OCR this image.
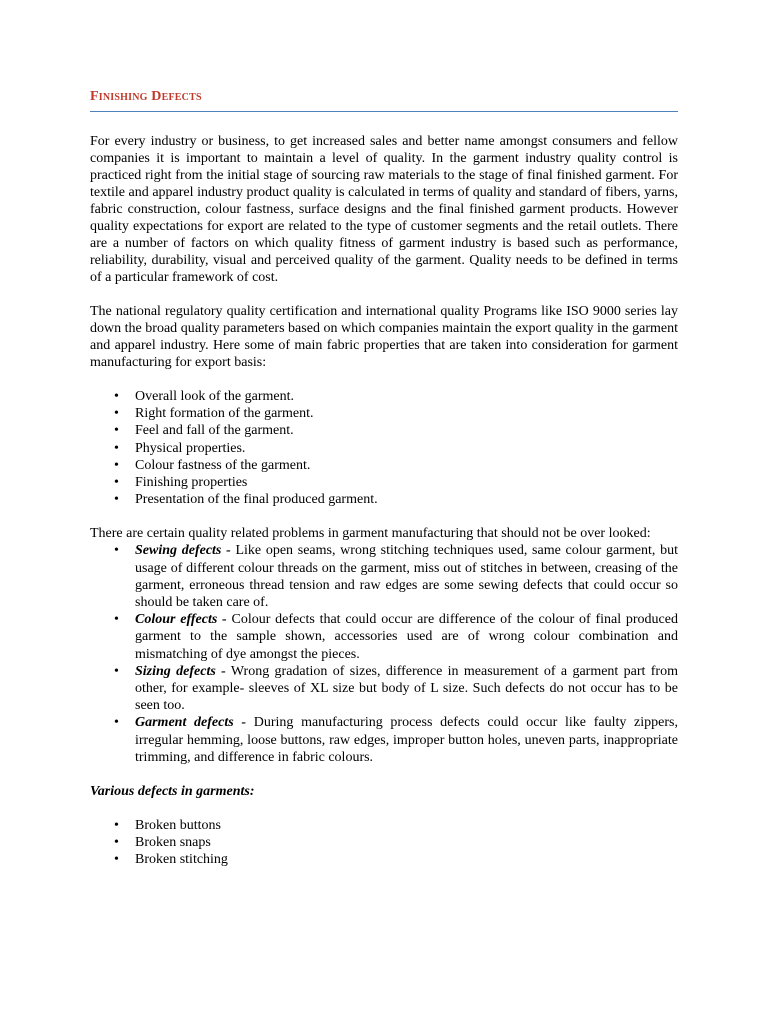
Finishing Defects

For every industry or business, to get increased sales and better name amongst consumers and fellow companies it is important to maintain a level of quality. In the garment industry quality control is practiced right from the initial stage of sourcing raw materials to the stage of final finished garment. For textile and apparel industry product quality is calculated in terms of quality and standard of fibers, yarns, fabric construction, colour fastness, surface designs and the final finished garment products. However quality expectations for export are related to the type of customer segments and the retail outlets. There are a number of factors on which quality fitness of garment industry is based such as performance, reliability, durability, visual and perceived quality of the garment. Quality needs to be defined in terms of a particular framework of cost.

The national regulatory quality certification and international quality Programs like ISO 9000 series lay down the broad quality parameters based on which companies maintain the export quality in the garment and apparel industry. Here some of main fabric properties that are taken into consideration for garment manufacturing for export basis:

• Overall look of the garment.
• Right formation of the garment.
• Feel and fall of the garment.
• Physical properties.
• Colour fastness of the garment.
• Finishing properties
• Presentation of the final produced garment.

There are certain quality related problems in garment manufacturing that should not be over looked:

• Sewing defects - Like open seams, wrong stitching techniques used, same colour garment, but usage of different colour threads on the garment, miss out of stitches in between, creasing of the garment, erroneous thread tension and raw edges are some sewing defects that could occur so should be taken care of.
• Colour effects - Colour defects that could occur are difference of the colour of final produced garment to the sample shown, accessories used are of wrong colour combination and mismatching of dye amongst the pieces.
• Sizing defects - Wrong gradation of sizes, difference in measurement of a garment part from other, for example- sleeves of XL size but body of L size. Such defects do not occur has to be seen too.
• Garment defects - During manufacturing process defects could occur like faulty zippers, irregular hemming, loose buttons, raw edges, improper button holes, uneven parts, inappropriate trimming, and difference in fabric colours.
Various defects in garments:
• Broken buttons
• Broken snaps
• Broken stitching
